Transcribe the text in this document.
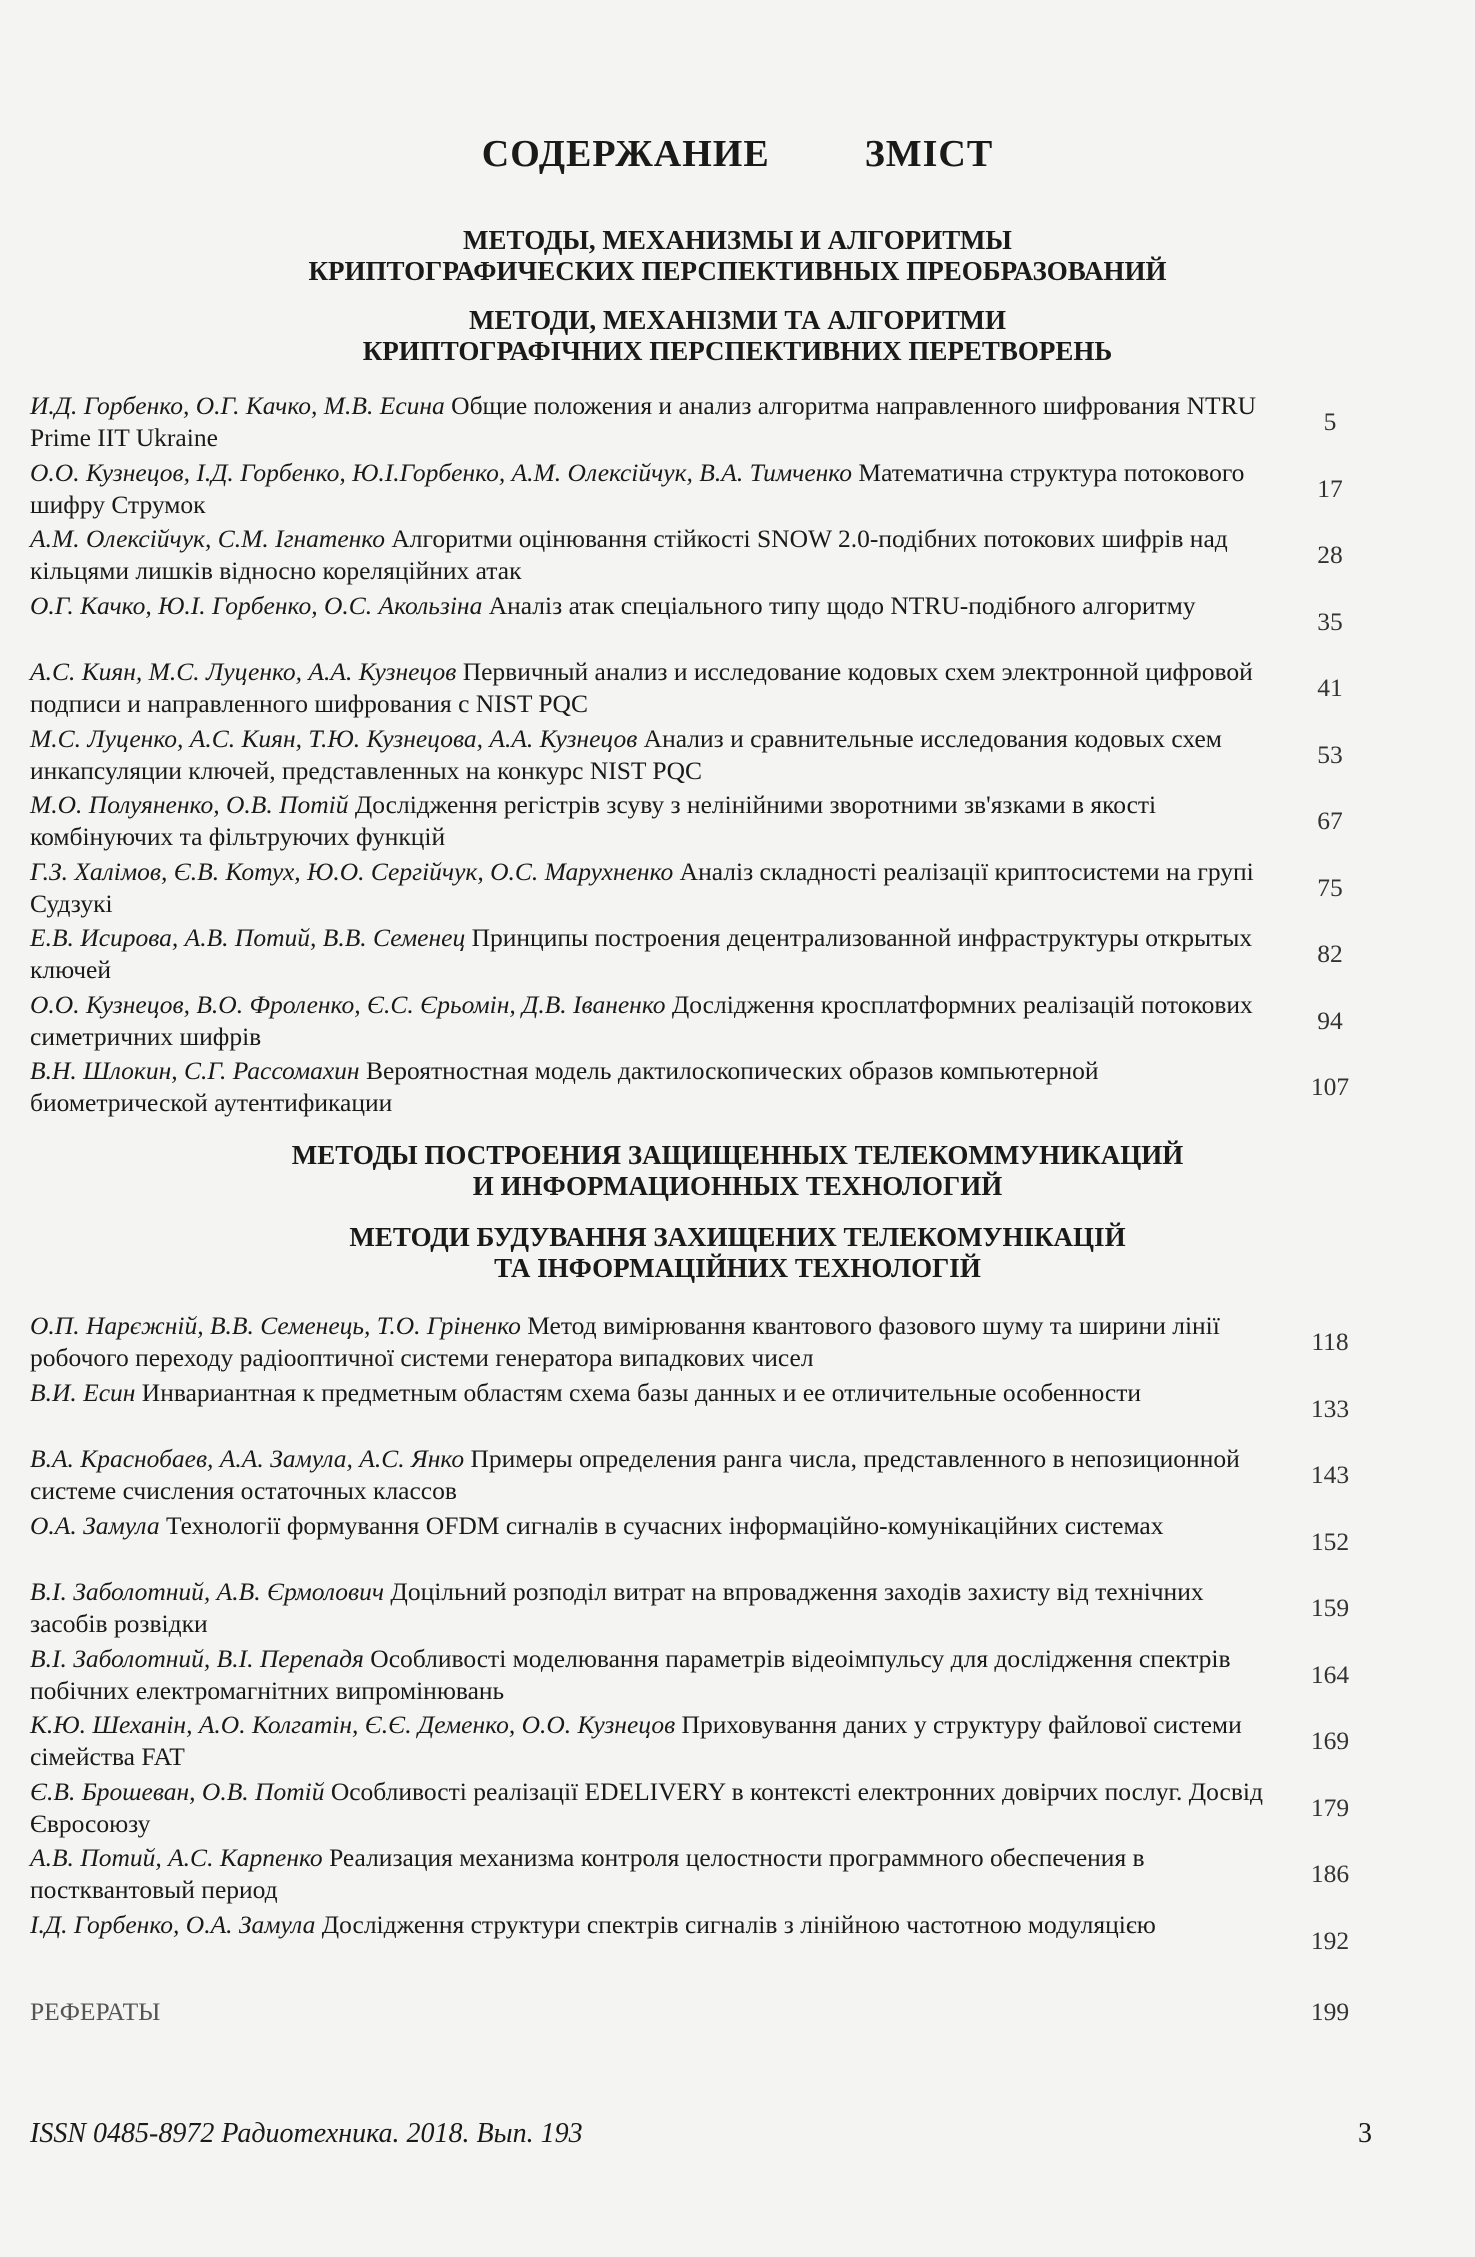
СОДЕРЖАНИЕ	ЗМІСТ
МЕТОДЫ, МЕХАНИЗМЫ И АЛГОРИТМЫ
КРИПТОГРАФИЧЕСКИХ ПЕРСПЕКТИВНЫХ ПРЕОБРАЗОВАНИЙ
МЕТОДИ, МЕХАНІЗМИ ТА АЛГОРИТМИ
КРИПТОГРАФІЧНИХ ПЕРСПЕКТИВНИХ ПЕРЕТВОРЕНЬ
И.Д. Горбенко, О.Г. Качко, М.В. Есина Общие положения и анализ алгоритма направленного шифрования NTRU Prime IIT Ukraine
5
О.О. Кузнецов, І.Д. Горбенко, Ю.І.Горбенко, А.М. Олексійчук, В.А. Тимченко Математична структура потокового шифру Струмок
17
А.М. Олексійчук, С.М. Ігнатенко Алгоритми оцінювання стійкості SNOW 2.0-подібних потокових шифрів над кільцями лишків відносно кореляційних атак
28
О.Г. Качко, Ю.І. Горбенко, О.С. Акользіна Аналіз атак спеціального типу щодо NTRU-подібного алгоритму
35
А.С. Киян, М.С. Луценко, А.А. Кузнецов Первичный анализ и исследование кодовых схем электронной цифровой подписи и направленного шифрования с NIST PQC
41
М.С. Луценко, А.С. Киян, Т.Ю. Кузнецова, А.А. Кузнецов Анализ и сравнительные исследования кодовых схем инкапсуляции ключей, представленных на конкурс NIST PQC
53
М.О. Полуяненко, О.В. Потій Дослідження регістрів зсуву з нелінійними зворотними зв'язками в якості комбінуючих та фільтруючих функцій
67
Г.З. Халімов, Є.В. Котух, Ю.О. Сергійчук, О.С. Марухненко Аналіз складності реалізації криптосистеми на групі Судзукі
75
Е.В. Исирова, А.В. Потий, В.В. Семенец Принципы построения децентрализованной инфраструктуры открытых ключей
82
О.О. Кузнецов, В.О. Фроленко, Є.С. Єрьомін, Д.В. Іваненко Дослідження кросплатформних реалізацій потокових симетричних шифрів
94
В.Н. Шлокин, С.Г. Рассомахин Вероятностная модель дактилоскопических образов компьютерной биометрической аутентификации
107
МЕТОДЫ ПОСТРОЕНИЯ ЗАЩИЩЕННЫХ ТЕЛЕКОММУНИКАЦИЙ
И ИНФОРМАЦИОННЫХ ТЕХНОЛОГИЙ
МЕТОДИ БУДУВАННЯ ЗАХИЩЕНИХ ТЕЛЕКОМУНІКАЦІЙ
ТА ІНФОРМАЦІЙНИХ ТЕХНОЛОГІЙ
О.П. Нарєжній, В.В. Семенець, Т.О. Гріненко Метод вимірювання квантового фазового шуму та ширини лінії робочого переходу радіооптичної системи генератора випадкових чисел
118
В.И. Есин Инвариантная к предметным областям схема базы данных и ее отличительные особенности
133
В.А. Краснобаев, А.А. Замула, А.С. Янко Примеры определения ранга числа, представленного в непозиционной системе счисления остаточных классов
143
О.А. Замула Технології формування OFDM сигналів в сучасних інформаційно-комунікаційних системах
152
В.І. Заболотний, А.В. Єрмолович Доцільний розподіл витрат на впровадження заходів захисту від технічних засобів розвідки
159
В.І. Заболотний, В.І. Перепадя Особливості моделювання параметрів відеоімпульсу для дослідження спектрів побічних електромагнітних випромінювань
164
К.Ю. Шеханін, А.О. Колгатін, Є.Є. Деменко, О.О. Кузнецов Приховування даних у структуру файлової системи сімейства FAT
169
Є.В. Брошеван, О.В. Потій Особливості реалізації EDELIVERY в контексті електронних довірчих послуг. Досвід Євросоюзу
179
А.В. Потий, А.С. Карпенко Реализация механизма контроля целостности программного обеспечения в постквантовый период
186
І.Д. Горбенко, О.А. Замула Дослідження структури спектрів сигналів з лінійною частотною модуляцією
192
РЕФЕРАТЫ	199
ISSN 0485-8972 Радиотехника. 2018. Вып. 193	3
